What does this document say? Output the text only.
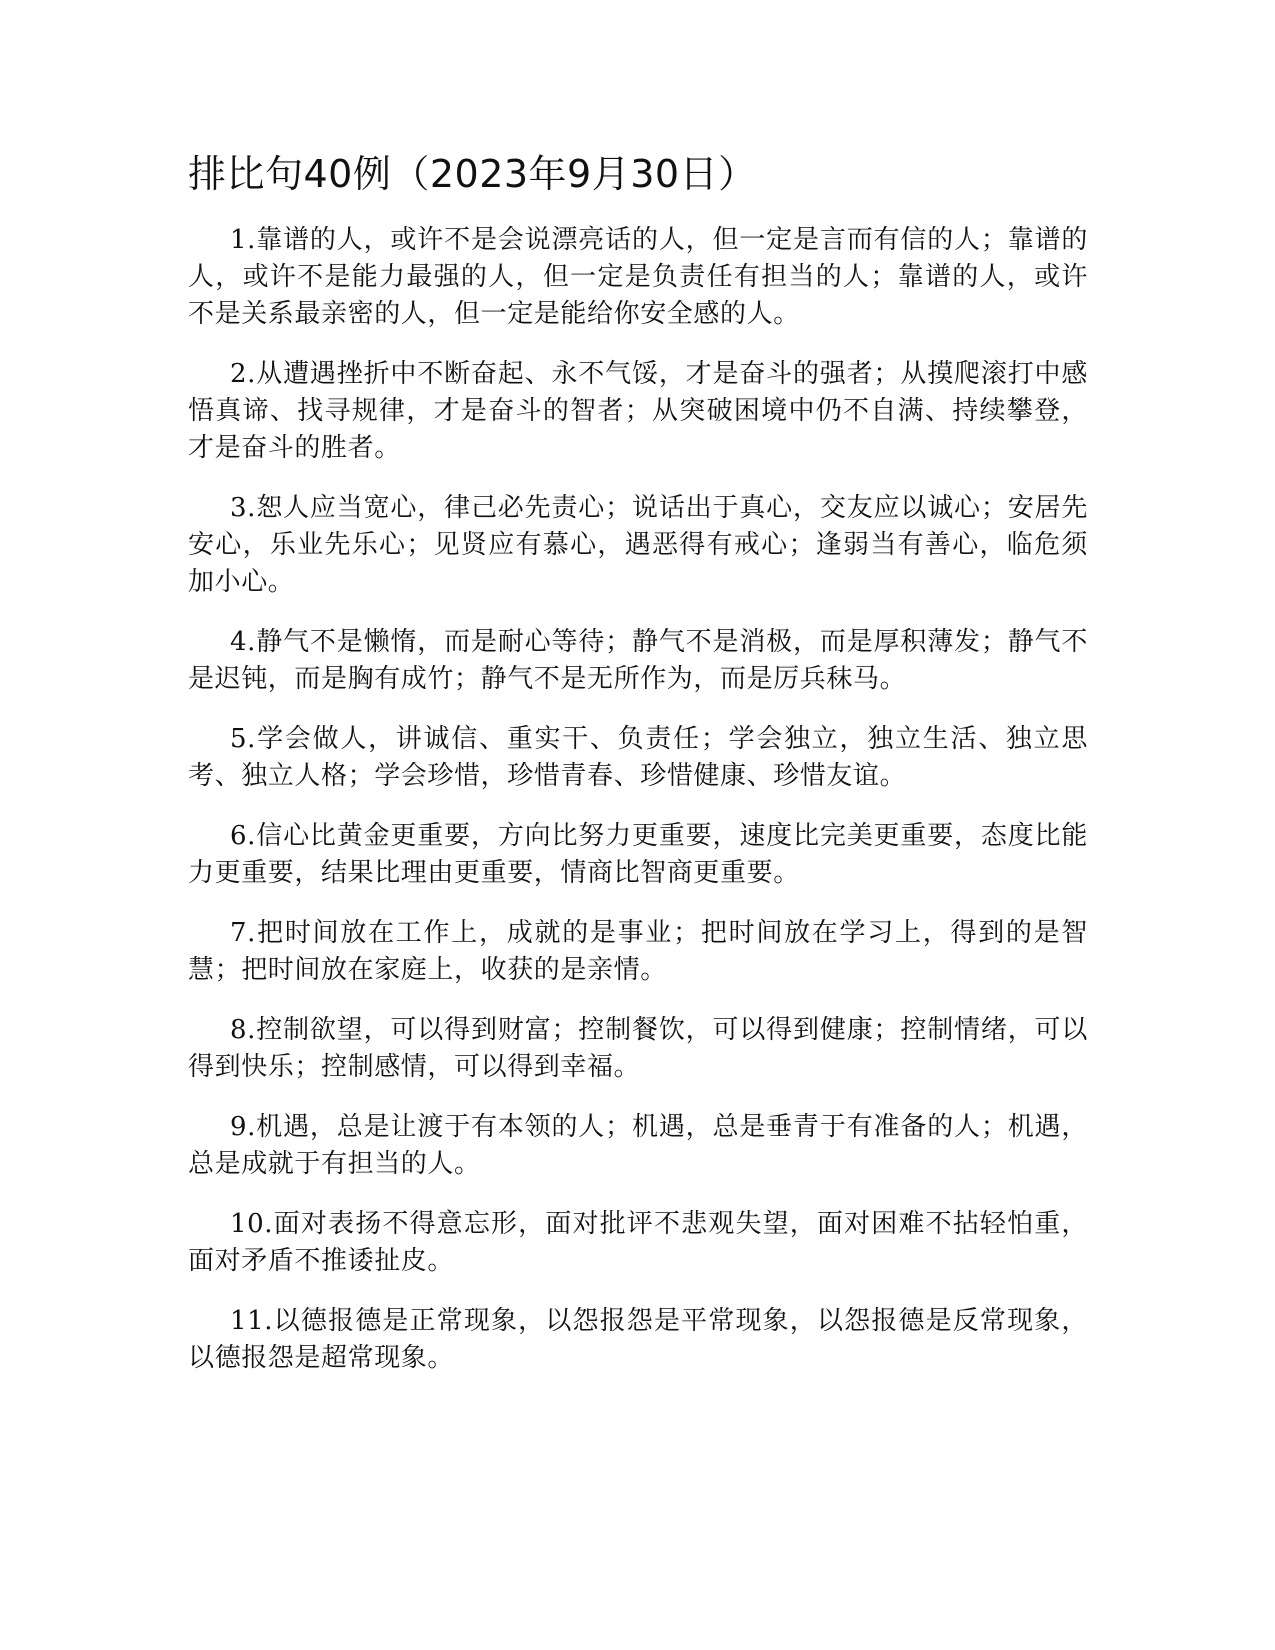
排比句40例（2023年9月30日）

1.靠谱的人，或许不是会说漂亮话的人，但一定是言而有信的人；靠谱的人，或许不是能力最强的人，但一定是负责任有担当的人；靠谱的人，或许不是关系最亲密的人，但一定是能给你安全感的人。

2.从遭遇挫折中不断奋起、永不气馁，才是奋斗的强者；从摸爬滚打中感悟真谛、找寻规律，才是奋斗的智者；从突破困境中仍不自满、持续攀登，才是奋斗的胜者。

3.恕人应当宽心，律己必先责心；说话出于真心，交友应以诚心；安居先安心，乐业先乐心；见贤应有慕心，遇恶得有戒心；逢弱当有善心，临危须加小心。

4.静气不是懒惰，而是耐心等待；静气不是消极，而是厚积薄发；静气不是迟钝，而是胸有成竹；静气不是无所作为，而是厉兵秣马。

5.学会做人，讲诚信、重实干、负责任；学会独立，独立生活、独立思考、独立人格；学会珍惜，珍惜青春、珍惜健康、珍惜友谊。

6.信心比黄金更重要，方向比努力更重要，速度比完美更重要，态度比能力更重要，结果比理由更重要，情商比智商更重要。

7.把时间放在工作上，成就的是事业；把时间放在学习上，得到的是智慧；把时间放在家庭上，收获的是亲情。

8.控制欲望，可以得到财富；控制餐饮，可以得到健康；控制情绪，可以得到快乐；控制感情，可以得到幸福。

9.机遇，总是让渡于有本领的人；机遇，总是垂青于有准备的人；机遇，总是成就于有担当的人。

10.面对表扬不得意忘形，面对批评不悲观失望，面对困难不拈轻怕重，面对矛盾不推诿扯皮。

11.以德报德是正常现象，以怨报怨是平常现象，以怨报德是反常现象，以德报怨是超常现象。
